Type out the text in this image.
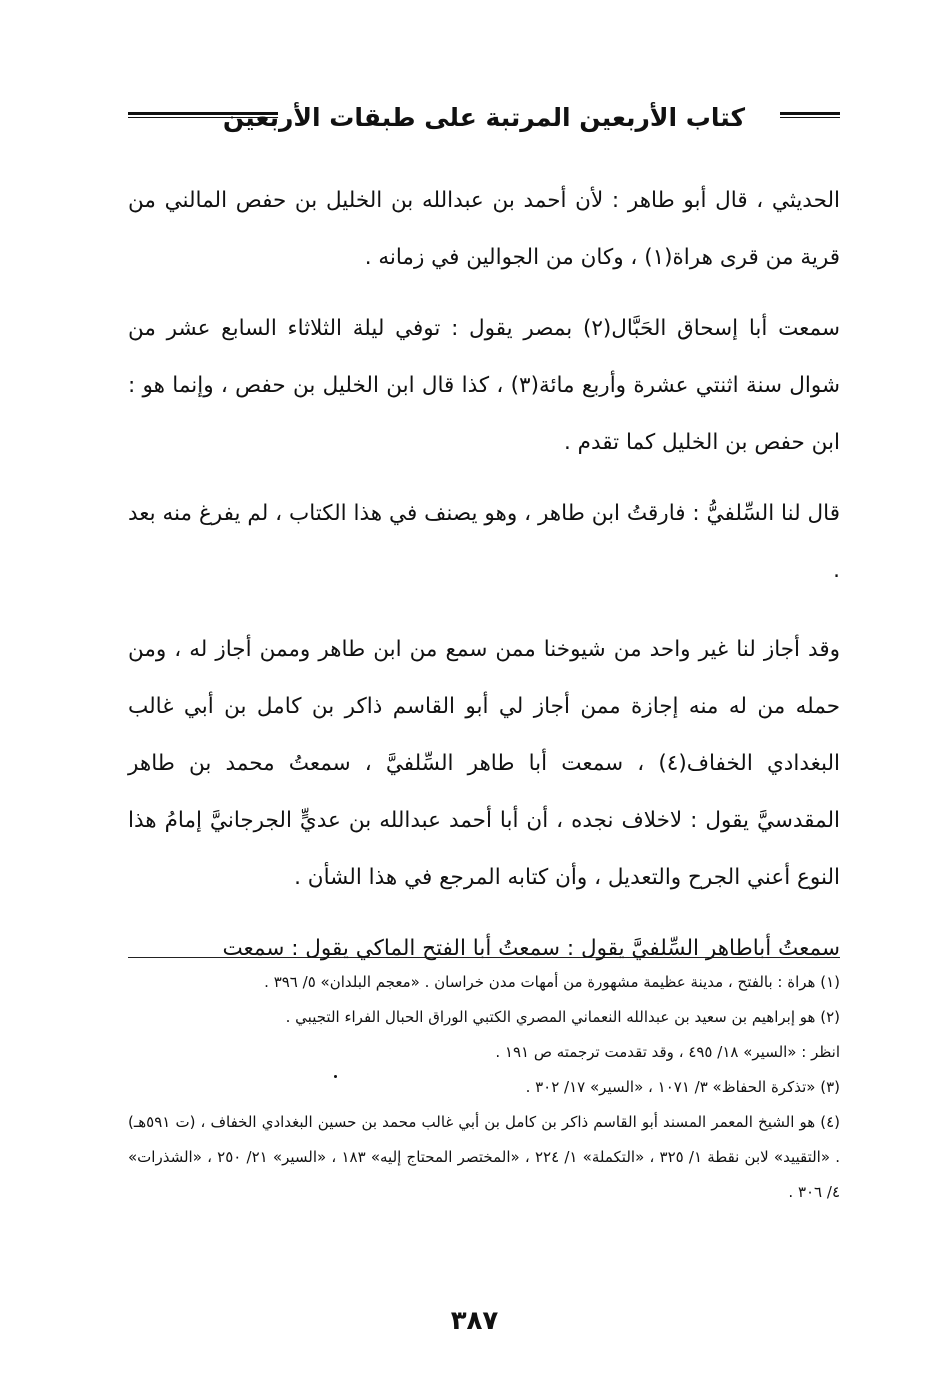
كتاب الأربعين المرتبة على طبقات الأربعين

الحديثي ، قال أبو طاهر : لأن أحمد بن عبدالله بن الخليل بن حفص المالني من قرية من قرى هراة(١) ، وكان من الجوالين في زمانه .

سمعت أبا إسحاق الحَبَّال(٢) بمصر يقول : توفي ليلة الثلاثاء السابع عشر من شوال سنة اثنتي عشرة وأربع مائة(٣) ، كذا قال ابن الخليل بن حفص ، وإنما هو : ابن حفص بن الخليل كما تقدم .

قال لنا السِّلفيُّ : فارقتُ ابن طاهر ، وهو يصنف في هذا الكتاب ، لم يفرغ منه بعد .

وقد أجاز لنا غير واحد من شيوخنا ممن سمع من ابن طاهر وممن أجاز له ، ومن حمله من له منه إجازة ممن أجاز لي أبو القاسم ذاكر بن كامل بن أبي غالب البغدادي الخفاف(٤) ، سمعت أبا طاهر السِّلفيَّ ، سمعتُ محمد بن طاهر المقدسيَّ يقول : لاخلاف نجده ، أن أبا أحمد عبدالله بن عديٍّ الجرجانيَّ إمامُ هذا النوع أعني الجرح والتعديل ، وأن كتابه المرجع في هذا الشأن .

سمعتُ أباطاهر السِّلفيَّ يقول : سمعتُ أبا الفتح الماكي يقول : سمعت

(١) هراة : بالفتح ، مدينة عظيمة مشهورة من أمهات مدن خراسان . «معجم البلدان» ٥/ ٣٩٦ .

(٢) هو إبراهيم بن سعيد بن عبدالله النعماني المصري الكتبي الوراق الحبال الفراء التجيبي .

انظر : «السير» ١٨/ ٤٩٥ ، وقد تقدمت ترجمته ص ١٩١ .

(٣) «تذكرة الحفاظ» ٣/ ١٠٧١ ، «السير» ١٧/ ٣٠٢ .

(٤) هو الشيخ المعمر المسند أبو القاسم ذاكر بن كامل بن أبي غالب محمد بن حسين البغدادي الخفاف ، (ت ٥٩١هـ) . «التقييد» لابن نقطة ١/ ٣٢٥ ، «التكملة» ١/ ٢٢٤ ، «المختصر المحتاج إليه» ١٨٣ ، «السير» ٢١/ ٢٥٠ ، «الشذرات» ٤/ ٣٠٦ .

٣٨٧
